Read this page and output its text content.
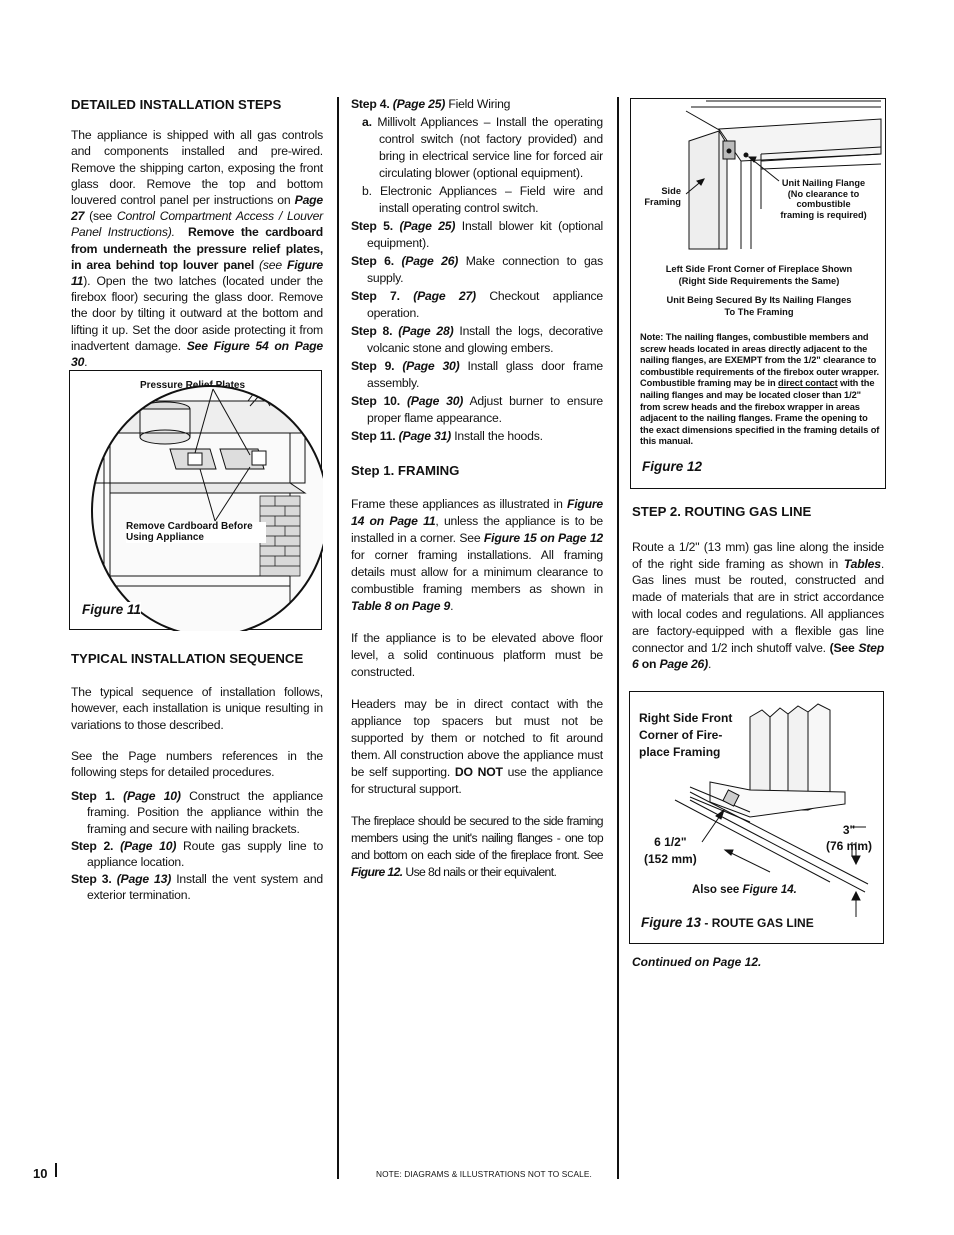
10	NOTE: DIAGRAMS & ILLUSTRATIONS NOT TO SCALE.
DETAILED INSTALLATION STEPS

The appliance is shipped with all gas controls and components installed and pre-wired. Remove the shipping carton, exposing the front glass door. Remove the top and bottom louvered control panel per instructions on Page 27 (see Control Compartment Access / Louver Panel Instructions). Remove the cardboard from underneath the pressure relief plates, in area behind top louver panel (see Figure 11). Open the two latches (located under the firebox floor) securing the glass door. Remove the door by tilting it outward at the bottom and lifting it up. Set the door aside protecting it from inadvertent damage. See Figure 54 on Page 30.

Pressure Relief Plates
Remove Cardboard Before Using Appliance
Figure 11
TYPICAL INSTALLATION SEQUENCE

The typical sequence of installation follows, however, each installation is unique resulting in variations to those described.

See the Page numbers references in the following steps for detailed procedures.

Step 1. (Page 10) Construct the appliance framing. Position the appliance within the framing and secure with nailing brackets.
Step 2. (Page 10) Route gas supply line to appliance location.
Step 3. (Page 13) Install the vent system and exterior termination.
Step 4. (Page 25) Field Wiring
a. Millivolt Appliances – Install the operating control switch (not factory provided) and bring in electrical service line for forced air circulating blower (optional equipment).
b. Electronic Appliances – Field wire and install operating control switch.
Step 5. (Page 25) Install blower kit (optional equipment).
Step 6. (Page 26) Make connection to gas supply.
Step 7. (Page 27) Checkout appliance operation.
Step 8. (Page 28) Install the logs, decorative volcanic stone and glowing embers.
Step 9. (Page 30) Install glass door frame assembly.
Step 10. (Page 30) Adjust burner to ensure proper flame appearance.
Step 11. (Page 31) Install the hoods.
Step 1. FRAMING

Frame these appliances as illustrated in Figure 14 on Page 11, unless the appliance is to be installed in a corner. See Figure 15 on Page 12 for corner framing installations. All framing details must allow for a minimum clearance to combustible framing members as shown in Table 8 on Page 9.

If the appliance is to be elevated above floor level, a solid continuous platform must be constructed.

Headers may be in direct contact with the appliance top spacers but must not be supported by them or notched to fit around them. All construction above the appliance must be self supporting. DO NOT use the appliance for structural support.

The fireplace should be secured to the side framing members using the unit's nailing flanges - one top and bottom on each side of the fireplace front. See Figure 12. Use 8d nails or their equivalent.

Side
Framing
Unit Nailing Flange
(No clearance to
combustible
framing is required)
Left Side Front Corner of Fireplace Shown
(Right Side Requirements the Same)
Unit Being Secured By Its Nailing Flanges
To The Framing
Note: The nailing flanges, combustible members and screw heads located in areas directly adjacent to the nailing flanges, are EXEMPT from the 1/2" clearance to combustible requirements of the firebox outer wrapper. Combustible framing may be in direct contact with the nailing flanges and may be located closer than 1/2" from screw heads and the firebox wrapper in areas adjacent to the nailing flanges. Frame the opening to the exact dimensions specified in the framing details of this manual.
Figure 12
STEP 2. ROUTING GAS LINE

Route a 1/2" (13 mm) gas line along the inside of the right side framing as shown in Tables. Gas lines must be routed, constructed and made of materials that are in strict accordance with local codes and regulations. All appliances are factory-equipped with a flexible gas line connector and 1/2 inch shutoff valve. (See Step 6 on Page 26).

Right Side Front
Corner of Fire-
place Framing
6 1/2"
(152 mm)
3"
(76 mm)
Also see Figure 14.
Figure 13 - ROUTE GAS LINE
Continued on Page 12.
